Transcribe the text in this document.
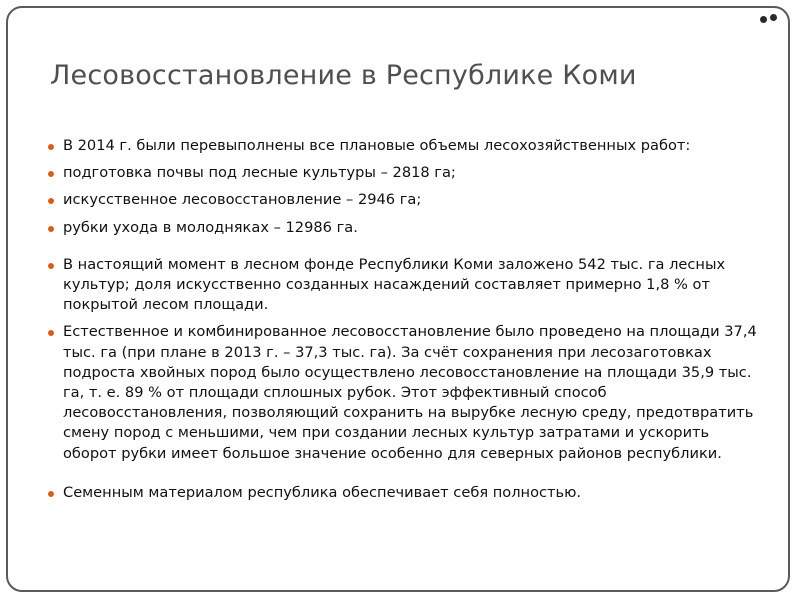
Лесовосстановление в Республике Коми
В 2014 г. были перевыполнены все плановые объемы лесохозяйственных работ:
подготовка почвы под лесные культуры – 2818 га;
искусственное лесовосстановление – 2946 га;
рубки ухода в молодняках – 12986 га.
В настоящий момент в лесном фонде Республики Коми заложено 542 тыс. га лесных культур; доля искусственно созданных насаждений составляет примерно 1,8 % от покрытой лесом площади.
Естественное и комбинированное лесовосстановление было проведено на площади 37,4 тыс. га (при плане в 2013 г. – 37,3 тыс. га). За счёт сохранения при лесозаготовках подроста хвойных пород было осуществлено лесовосстановление на площади 35,9 тыс. га, т. е. 89 % от площади сплошных рубок. Этот эффективный способ лесовосстановления, позволяющий сохранить на вырубке лесную среду, предотвратить смену пород с меньшими, чем при создании лесных культур затратами и ускорить оборот рубки имеет большое значение особенно для северных районов республики.
Семенным материалом республика обеспечивает себя полностью.
